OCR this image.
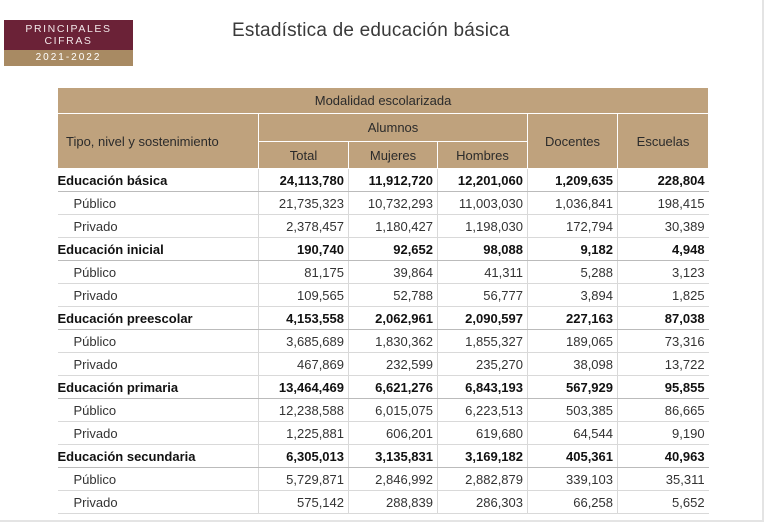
PRINCIPALES
CIFRAS
2021-2022
Estadística de educación básica
Modalidad escolarizada					
Tipo, nivel y sostenimiento	Alumnos			Docentes	Escuelas
	Total	Mujeres	Hombres		
Educación básica	24,113,780	11,912,720	12,201,060	1,209,635	228,804
Público	21,735,323	10,732,293	11,003,030	1,036,841	198,415
Privado	2,378,457	1,180,427	1,198,030	172,794	30,389
Educación inicial	190,740	92,652	98,088	9,182	4,948
Público	81,175	39,864	41,311	5,288	3,123
Privado	109,565	52,788	56,777	3,894	1,825
Educación preescolar	4,153,558	2,062,961	2,090,597	227,163	87,038
Público	3,685,689	1,830,362	1,855,327	189,065	73,316
Privado	467,869	232,599	235,270	38,098	13,722
Educación primaria	13,464,469	6,621,276	6,843,193	567,929	95,855
Público	12,238,588	6,015,075	6,223,513	503,385	86,665
Privado	1,225,881	606,201	619,680	64,544	9,190
Educación secundaria	6,305,013	3,135,831	3,169,182	405,361	40,963
Público	5,729,871	2,846,992	2,882,879	339,103	35,311
Privado	575,142	288,839	286,303	66,258	5,652
